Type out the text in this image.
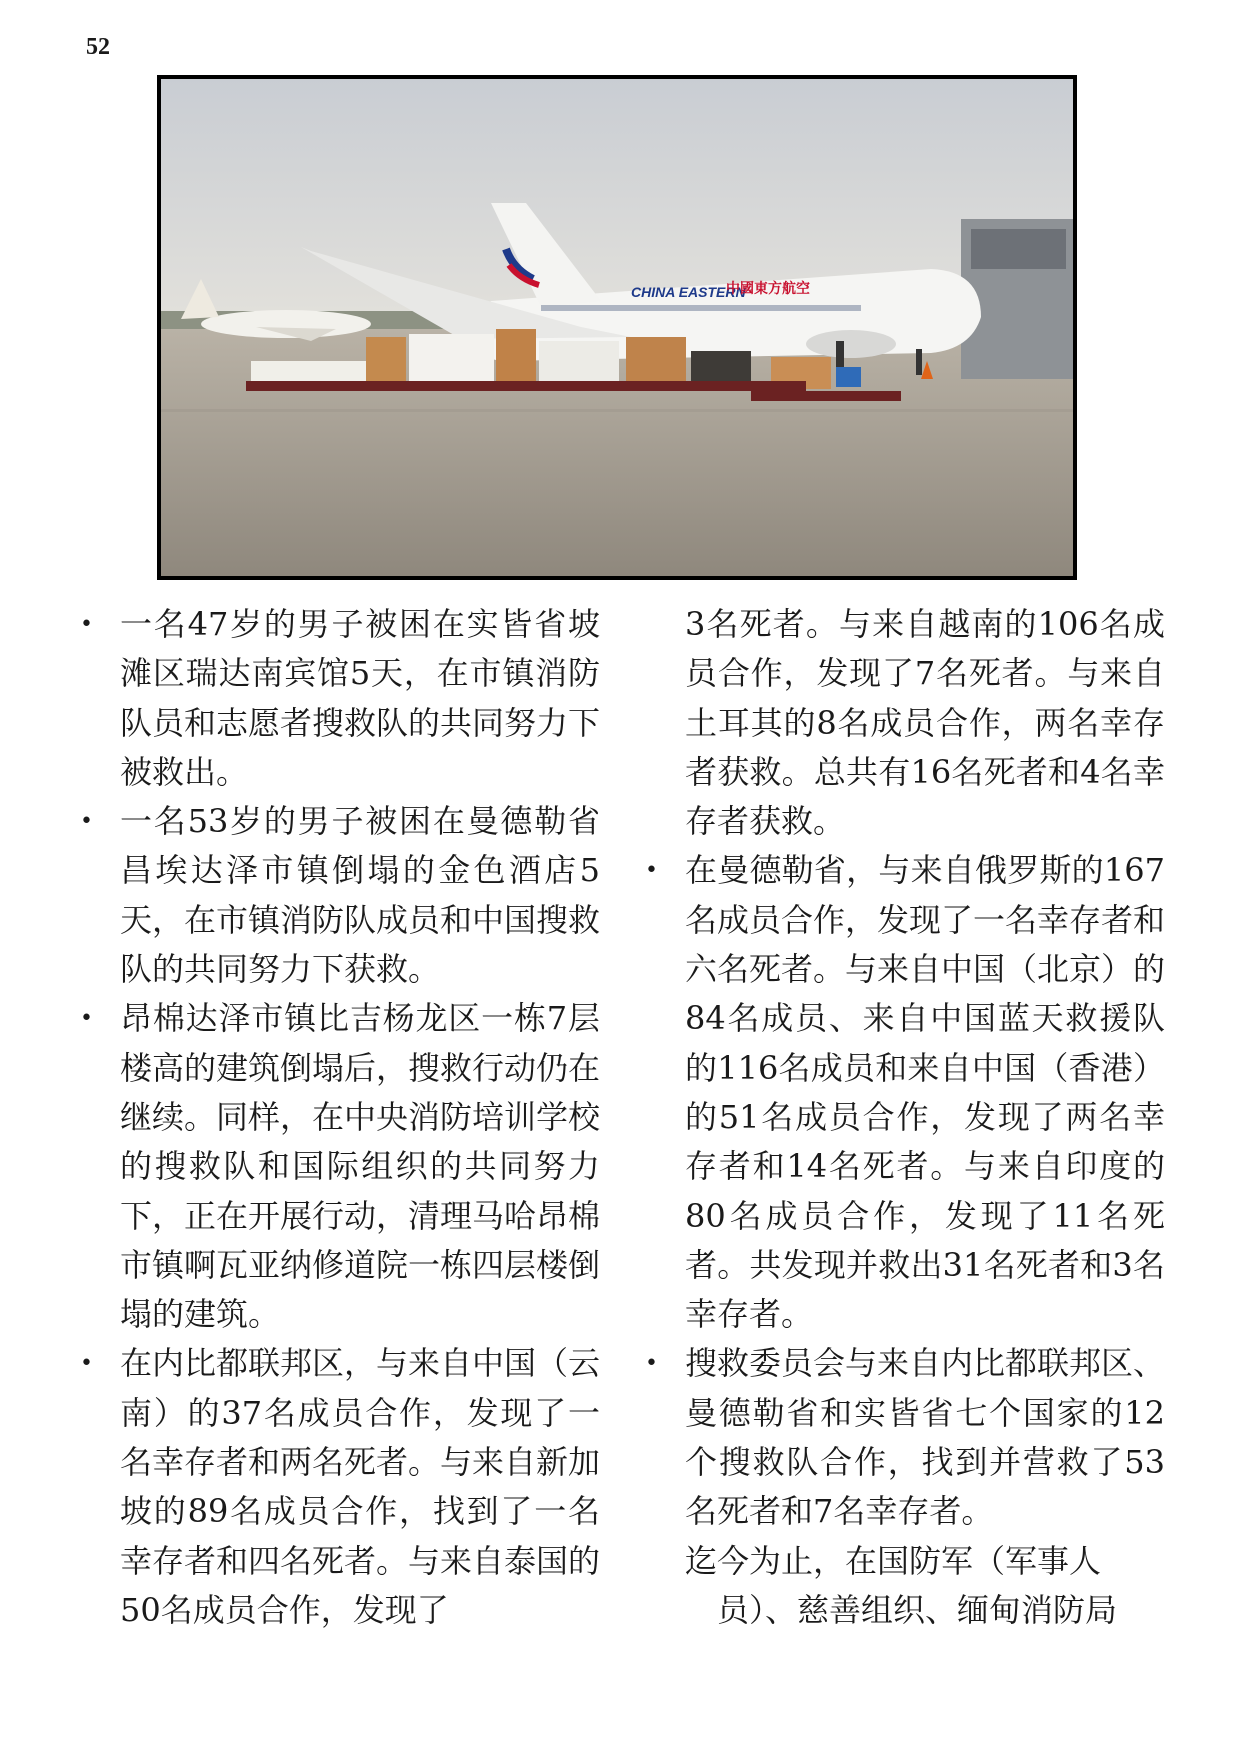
52
CHINA EASTERN
中國東方航空
• 一名47岁的男子被困在实皆省坡滩区瑞达南宾馆5天，在市镇消防队员和志愿者搜救队的共同努力下被救出。
• 一名53岁的男子被困在曼德勒省昌埃达泽市镇倒塌的金色酒店5天，在市镇消防队成员和中国搜救队的共同努力下获救。
• 昂棉达泽市镇比吉杨龙区一栋7层楼高的建筑倒塌后，搜救行动仍在继续。同样，在中央消防培训学校的搜救队和国际组织的共同努力下，正在开展行动，清理马哈昂棉市镇啊瓦亚纳修道院一栋四层楼倒塌的建筑。
• 在内比都联邦区，与来自中国（云南）的37名成员合作，发现了一名幸存者和两名死者。与来自新加坡的89名成员合作，找到了一名幸存者和四名死者。与来自泰国的50名成员合作，发现了
3名死者。与来自越南的106名成员合作，发现了7名死者。与来自土耳其的8名成员合作，两名幸存者获救。总共有16名死者和4名幸存者获救。
• 在曼德勒省，与来自俄罗斯的167名成员合作，发现了一名幸存者和六名死者。与来自中国（北京）的84名成员、来自中国蓝天救援队的116名成员和来自中国（香港）的51名成员合作，发现了两名幸存者和14名死者。与来自印度的80名成员合作，发现了11名死者。共发现并救出31名死者和3名幸存者。
• 搜救委员会与来自内比都联邦区、曼德勒省和实皆省七个国家的12个搜救队合作，找到并营救了53名死者和7名幸存者。
迄今为止，在国防军（军事人
员）、慈善组织、缅甸消防局
